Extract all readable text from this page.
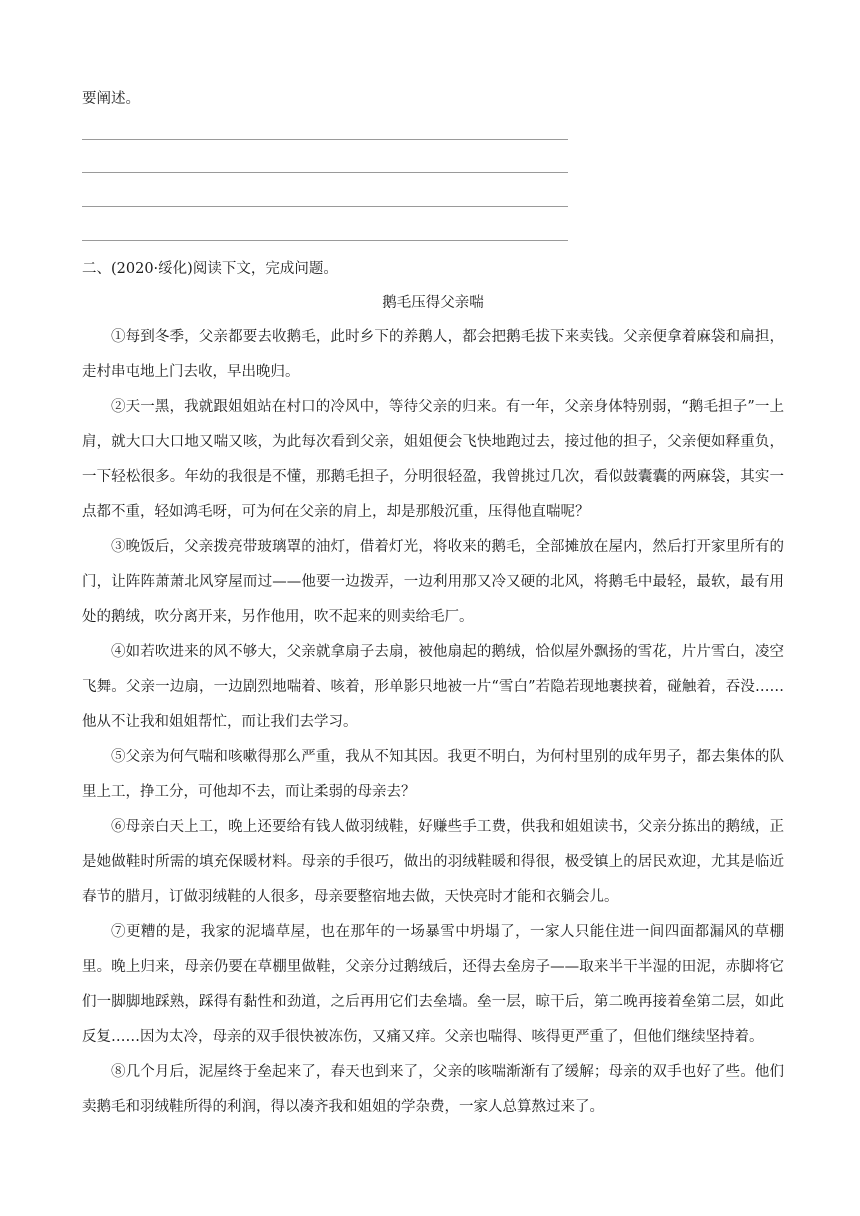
要阐述。
二、(2020·绥化)阅读下文，完成问题。
鹅毛压得父亲喘

①每到冬季，父亲都要去收鹅毛，此时乡下的养鹅人，都会把鹅毛拔下来卖钱。父亲便拿着麻袋和扁担，走村串屯地上门去收，早出晚归。

②天一黑，我就跟姐姐站在村口的冷风中，等待父亲的归来。有一年，父亲身体特别弱，“鹅毛担子”一上肩，就大口大口地又喘又咳，为此每次看到父亲，姐姐便会飞快地跑过去，接过他的担子，父亲便如释重负，一下轻松很多。年幼的我很是不懂，那鹅毛担子，分明很轻盈，我曾挑过几次，看似鼓囊囊的两麻袋，其实一点都不重，轻如鸿毛呀，可为何在父亲的肩上，却是那般沉重，压得他直喘呢？

③晚饭后，父亲拨亮带玻璃罩的油灯，借着灯光，将收来的鹅毛，全部摊放在屋内，然后打开家里所有的门，让阵阵萧萧北风穿屋而过——他要一边拨弄，一边利用那又冷又硬的北风，将鹅毛中最轻，最软，最有用处的鹅绒，吹分离开来，另作他用，吹不起来的则卖给毛厂。

④如若吹进来的风不够大，父亲就拿扇子去扇，被他扇起的鹅绒，恰似屋外飘扬的雪花，片片雪白，凌空飞舞。父亲一边扇，一边剧烈地喘着、咳着，形单影只地被一片“雪白”若隐若现地裹挟着，碰触着，吞没……他从不让我和姐姐帮忙，而让我们去学习。

⑤父亲为何气喘和咳嗽得那么严重，我从不知其因。我更不明白，为何村里别的成年男子，都去集体的队里上工，挣工分，可他却不去，而让柔弱的母亲去？

⑥母亲白天上工，晚上还要给有钱人做羽绒鞋，好赚些手工费，供我和姐姐读书，父亲分拣出的鹅绒，正是她做鞋时所需的填充保暖材料。母亲的手很巧，做出的羽绒鞋暖和得很，极受镇上的居民欢迎，尤其是临近春节的腊月，订做羽绒鞋的人很多，母亲要整宿地去做，天快亮时才能和衣躺会儿。

⑦更糟的是，我家的泥墙草屋，也在那年的一场暴雪中坍塌了，一家人只能住进一间四面都漏风的草棚里。晚上归来，母亲仍要在草棚里做鞋，父亲分过鹅绒后，还得去垒房子——取来半干半湿的田泥，赤脚将它们一脚脚地踩熟，踩得有黏性和劲道，之后再用它们去垒墙。垒一层，晾干后，第二晚再接着垒第二层，如此反复……因为太冷，母亲的双手很快被冻伤，又痛又痒。父亲也喘得、咳得更严重了，但他们继续坚持着。

⑧几个月后，泥屋终于垒起来了，春天也到来了，父亲的咳喘渐渐有了缓解；母亲的双手也好了些。他们卖鹅毛和羽绒鞋所得的利润，得以凑齐我和姐姐的学杂费，一家人总算熬过来了。
